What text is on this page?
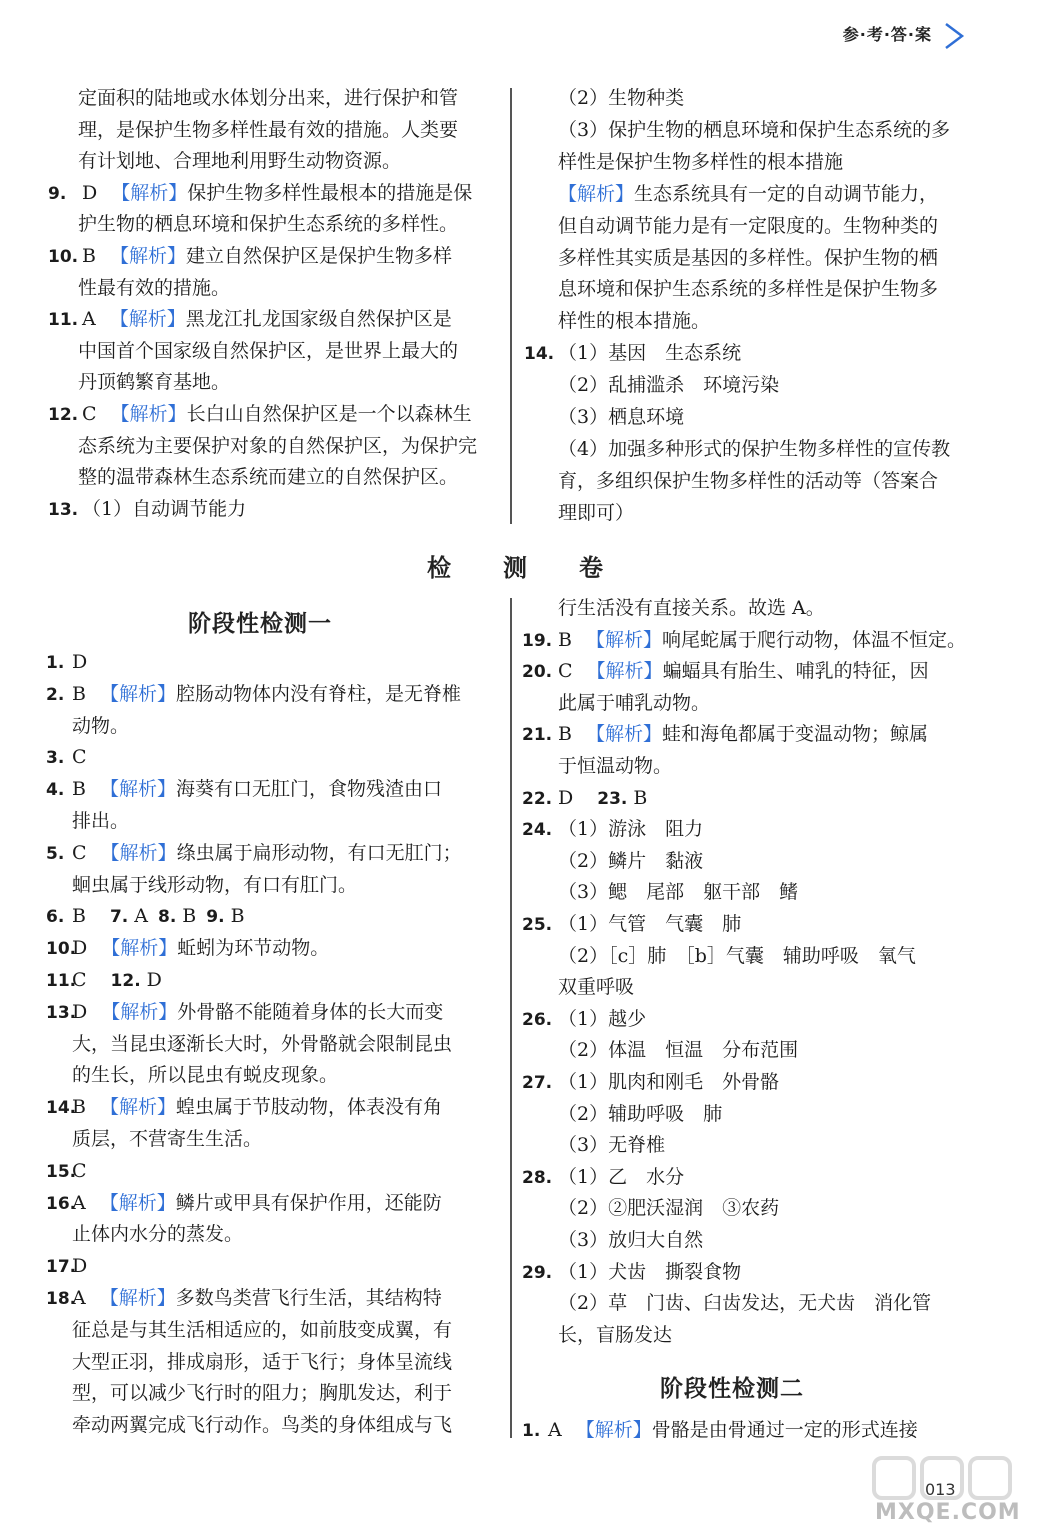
参·考·答·案
定面积的陆地或水体划分出来，进行保护和管
理，是保护生物多样性最有效的措施。人类要
有计划地、合理地利用野生动物资源。
9. D 【解析】保护生物多样性最根本的措施是保
护生物的栖息环境和保护生态系统的多样性。
10. B 【解析】建立自然保护区是保护生物多样
性最有效的措施。
11. A 【解析】黑龙江扎龙国家级自然保护区是
中国首个国家级自然保护区，是世界上最大的
丹顶鹤繁育基地。
12. C 【解析】长白山自然保护区是一个以森林生
态系统为主要保护对象的自然保护区，为保护完
整的温带森林生态系统而建立的自然保护区。
13. （1）自动调节能力
（2）生物种类
（3）保护生物的栖息环境和保护生态系统的多
样性是保护生物多样性的根本措施
【解析】生态系统具有一定的自动调节能力，
但自动调节能力是有一定限度的。生物种类的
多样性其实质是基因的多样性。保护生物的栖
息环境和保护生态系统的多样性是保护生物多
样性的根本措施。
14. （1）基因　生态系统
（2）乱捕滥杀　环境污染
（3）栖息环境
（4）加强多种形式的保护生物多样性的宣传教
育，多组织保护生物多样性的活动等（答案合
理即可）
检　测　卷
阶段性检测一
1. D
2. B 【解析】腔肠动物体内没有脊柱，是无脊椎
动物。
3. C
4. B 【解析】海葵有口无肛门，食物残渣由口
排出。
5. C 【解析】绦虫属于扁形动物，有口无肛门；
蛔虫属于线形动物，有口有肛门。
6. B 7. A 8. B 9. B
10.D 【解析】蚯蚓为环节动物。
11.C 12. D
13.D 【解析】外骨骼不能随着身体的长大而变
大，当昆虫逐渐长大时，外骨骼就会限制昆虫
的生长，所以昆虫有蜕皮现象。
14.B 【解析】蝗虫属于节肢动物，体表没有角
质层，不营寄生生活。
15.C
16.A 【解析】鳞片或甲具有保护作用，还能防
止体内水分的蒸发。
17.D
18.A 【解析】多数鸟类营飞行生活，其结构特
征总是与其生活相适应的，如前肢变成翼，有
大型正羽，排成扇形，适于飞行；身体呈流线
型，可以减少飞行时的阻力；胸肌发达，利于
牵动两翼完成飞行动作。鸟类的身体组成与飞
行生活没有直接关系。故选 A。
19. B 【解析】响尾蛇属于爬行动物，体温不恒定。
20. C 【解析】蝙蝠具有胎生、哺乳的特征，因
此属于哺乳动物。
21. B 【解析】蛙和海龟都属于变温动物；鲸属
于恒温动物。
22. D 23. B
24. （1）游泳　阻力
（2）鳞片　黏液
（3）鳃　尾部　躯干部　鳍
25. （1）气管　气囊　肺
（2）［c］肺　［b］气囊　辅助呼吸　氧气
双重呼吸
26. （1）越少
（2）体温　恒温　分布范围
27. （1）肌肉和刚毛　外骨骼
（2）辅助呼吸　肺
（3）无脊椎
28. （1）乙　水分
（2）②肥沃湿润　③农药
（3）放归大自然
29. （1）犬齿　撕裂食物
（2）草　门齿、臼齿发达，无犬齿　消化管
长，盲肠发达
阶段性检测二
1. A 【解析】骨骼是由骨通过一定的形式连接
MXQE.COM
013
